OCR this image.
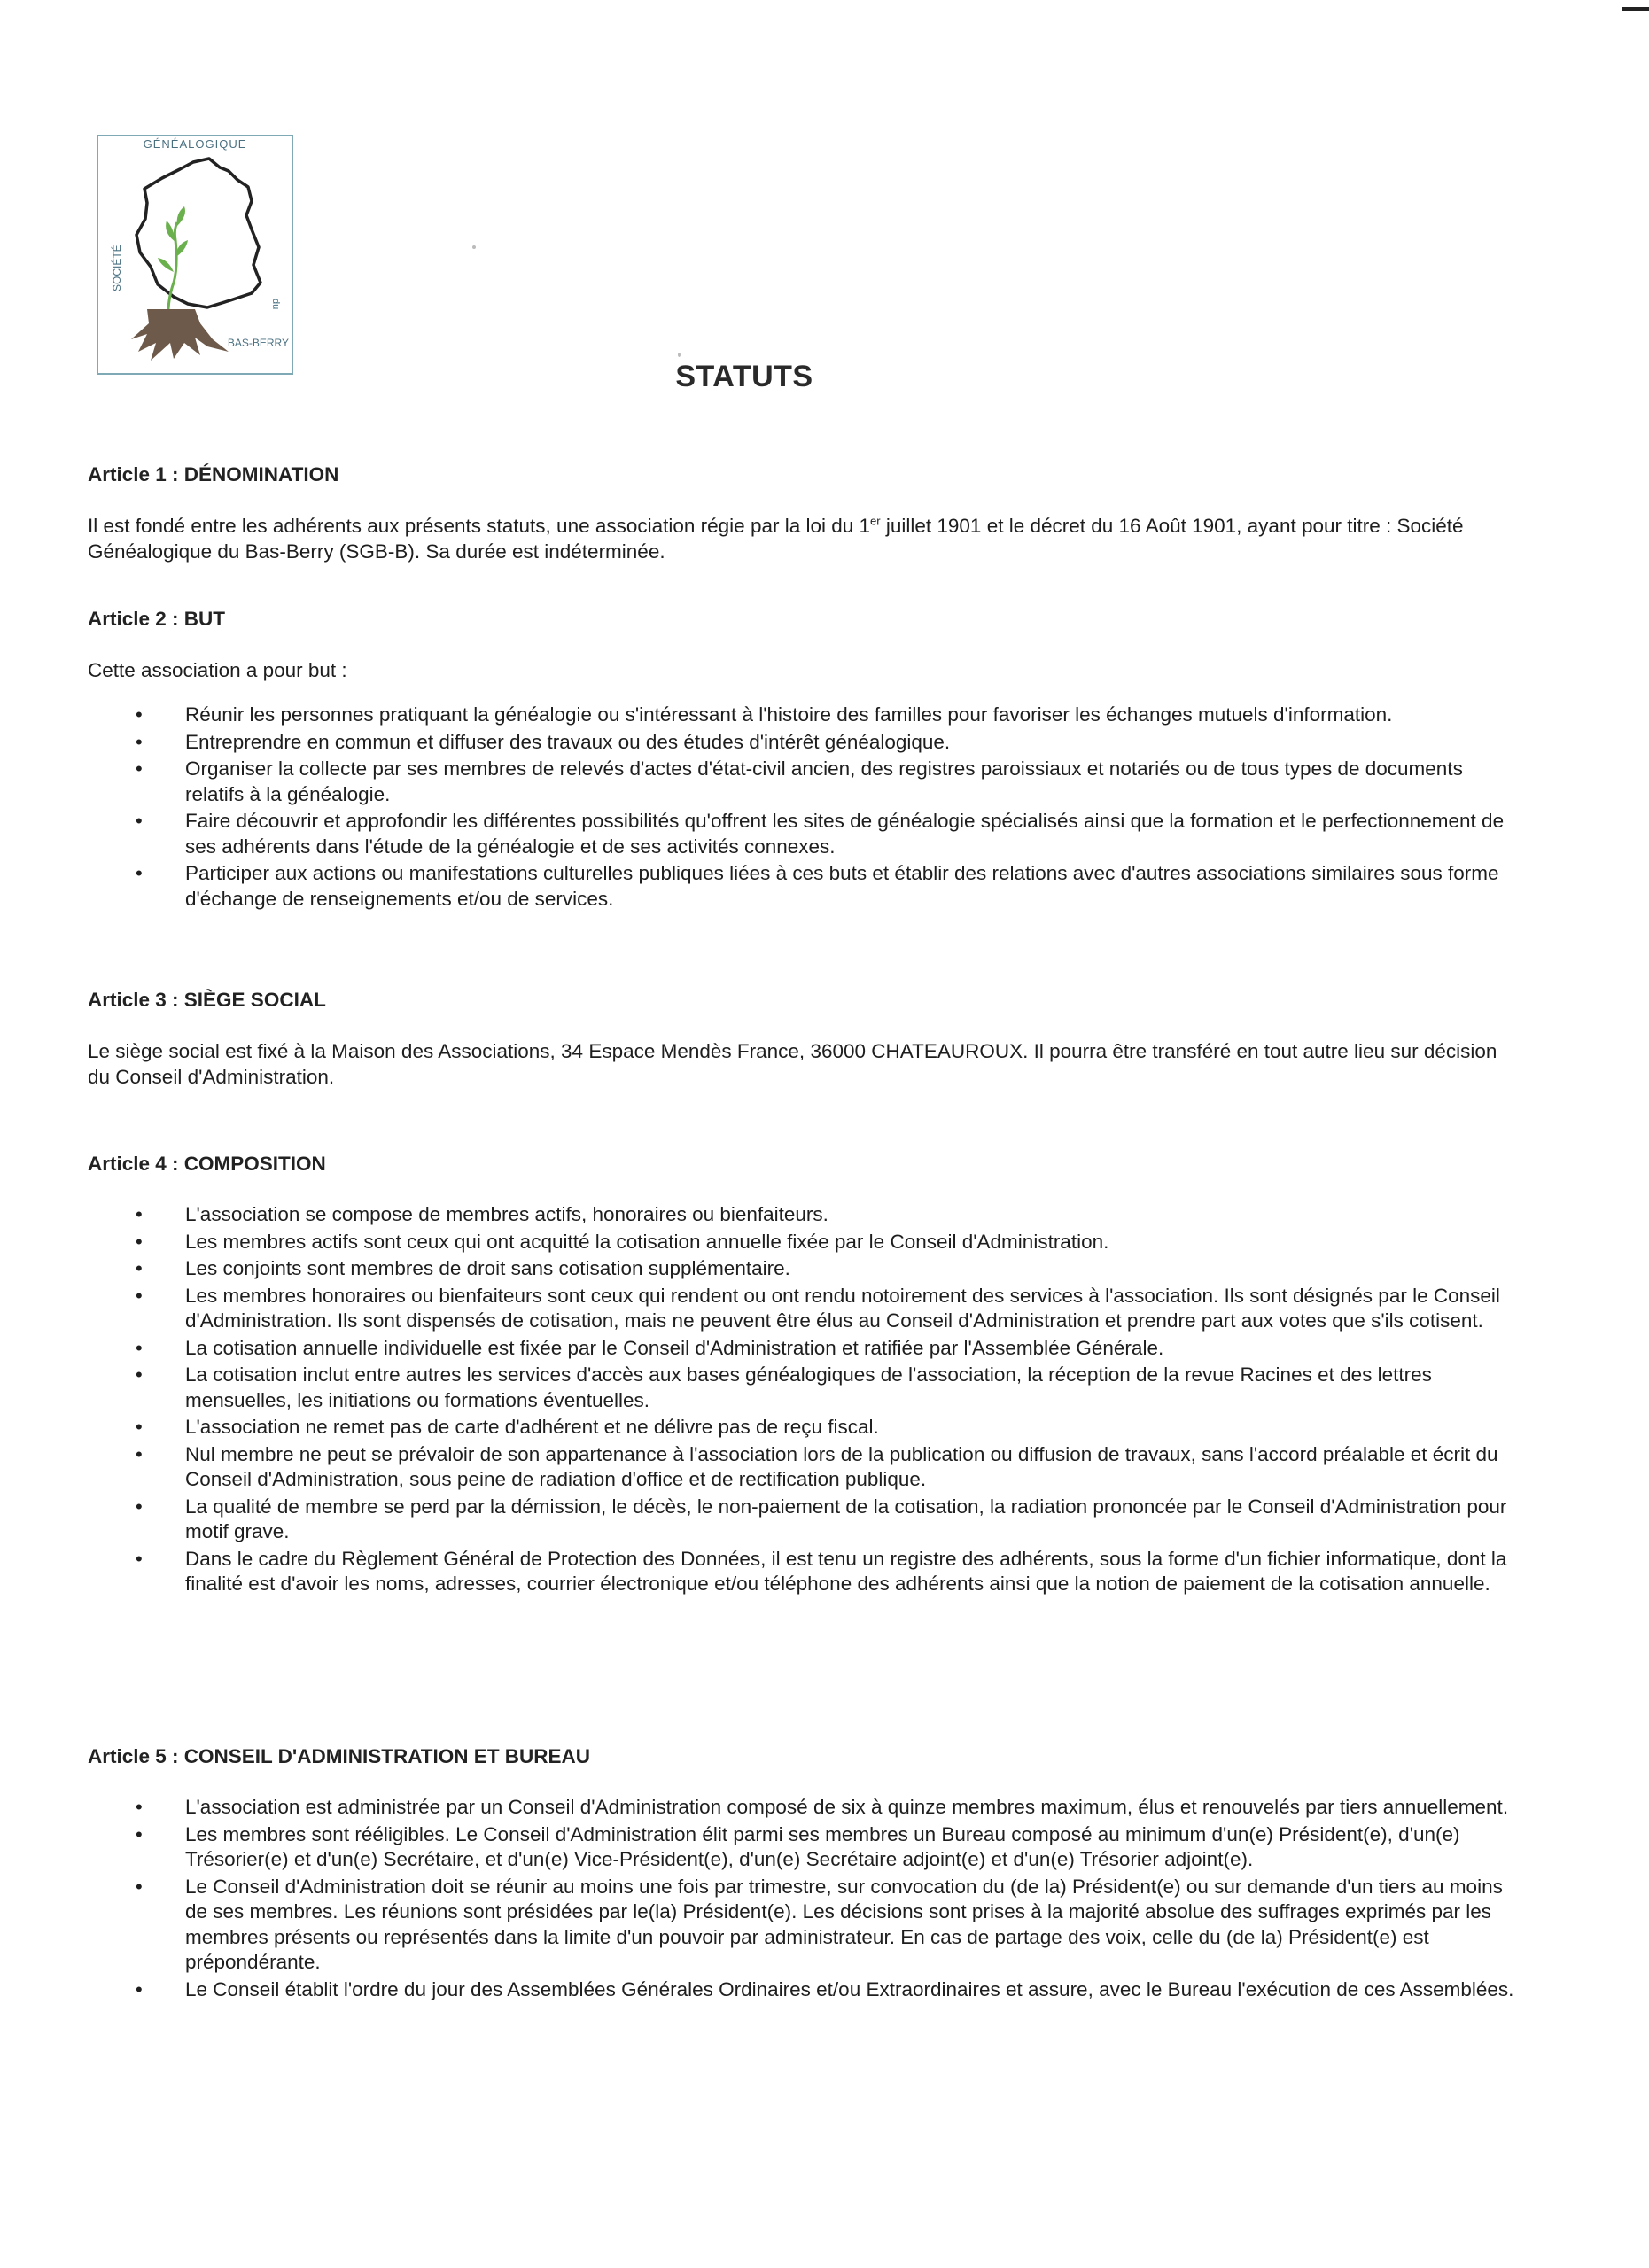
GÉNÉALOGIQUE
SOCIÉTÉ
du
BAS-BERRY
STATUTS
Article 1 : DÉNOMINATION
Il est fondé entre les adhérents aux présents statuts, une association régie par la loi du 1er juillet 1901 et le décret du 16 Août 1901, ayant pour titre : Société Généalogique du Bas-Berry (SGB-B). Sa durée est indéterminée.
Article 2 : BUT
Cette association a pour but :
• Réunir les personnes pratiquant la généalogie ou s'intéressant à l'histoire des familles pour favoriser les échanges mutuels d'information.
• Entreprendre en commun et diffuser des travaux ou des études d'intérêt généalogique.
• Organiser la collecte par ses membres de relevés d'actes d'état-civil ancien, des registres paroissiaux et notariés ou de tous types de documents relatifs à la généalogie.
• Faire découvrir et approfondir les différentes possibilités qu'offrent les sites de généalogie spécialisés ainsi que la formation et le perfectionnement de ses adhérents dans l'étude de la généalogie et de ses activités connexes.
• Participer aux actions ou manifestations culturelles publiques liées à ces buts et établir des relations avec d'autres associations similaires sous forme d'échange de renseignements et/ou de services.
Article 3 : SIÈGE SOCIAL
Le siège social est fixé à la Maison des Associations, 34 Espace Mendès France, 36000 CHATEAUROUX. Il pourra être transféré en tout autre lieu sur décision du Conseil d'Administration.
Article 4 : COMPOSITION
• L'association se compose de membres actifs, honoraires ou bienfaiteurs.
• Les membres actifs sont ceux qui ont acquitté la cotisation annuelle fixée par le Conseil d'Administration.
• Les conjoints sont membres de droit sans cotisation supplémentaire.
• Les membres honoraires ou bienfaiteurs sont ceux qui rendent ou ont rendu notoirement des services à l'association. Ils sont désignés par le Conseil d'Administration. Ils sont dispensés de cotisation, mais ne peuvent être élus au Conseil d'Administration et prendre part aux votes que s'ils cotisent.
• La cotisation annuelle individuelle est fixée par le Conseil d'Administration et ratifiée par l'Assemblée Générale.
• La cotisation inclut entre autres les services d'accès aux bases généalogiques de l'association, la réception de la revue Racines et des lettres mensuelles, les initiations ou formations éventuelles.
• L'association ne remet pas de carte d'adhérent et ne délivre pas de reçu fiscal.
• Nul membre ne peut se prévaloir de son appartenance à l'association lors de la publication ou diffusion de travaux, sans l'accord préalable et écrit du Conseil d'Administration, sous peine de radiation d'office et de rectification publique.
• La qualité de membre se perd par la démission, le décès, le non-paiement de la cotisation, la radiation prononcée par le Conseil d'Administration pour motif grave.
• Dans le cadre du Règlement Général de Protection des Données, il est tenu un registre des adhérents, sous la forme d'un fichier informatique, dont la finalité est d'avoir les noms, adresses, courrier électronique et/ou téléphone des adhérents ainsi que la notion de paiement de la cotisation annuelle.
Article 5 : CONSEIL D'ADMINISTRATION ET BUREAU
• L'association est administrée par un Conseil d'Administration composé de six à quinze membres maximum, élus et renouvelés par tiers annuellement.
• Les membres sont rééligibles. Le Conseil d'Administration élit parmi ses membres un Bureau composé au minimum d'un(e) Président(e), d'un(e) Trésorier(e) et d'un(e) Secrétaire, et d'un(e) Vice-Président(e), d'un(e) Secrétaire adjoint(e) et d'un(e) Trésorier adjoint(e).
• Le Conseil d'Administration doit se réunir au moins une fois par trimestre, sur convocation du (de la) Président(e) ou sur demande d'un tiers au moins de ses membres. Les réunions sont présidées par le(la) Président(e). Les décisions sont prises à la majorité absolue des suffrages exprimés par les membres présents ou représentés dans la limite d'un pouvoir par administrateur. En cas de partage des voix, celle du (de la) Président(e) est prépondérante.
• Le Conseil établit l'ordre du jour des Assemblées Générales Ordinaires et/ou Extraordinaires et assure, avec le Bureau l'exécution de ces Assemblées.
